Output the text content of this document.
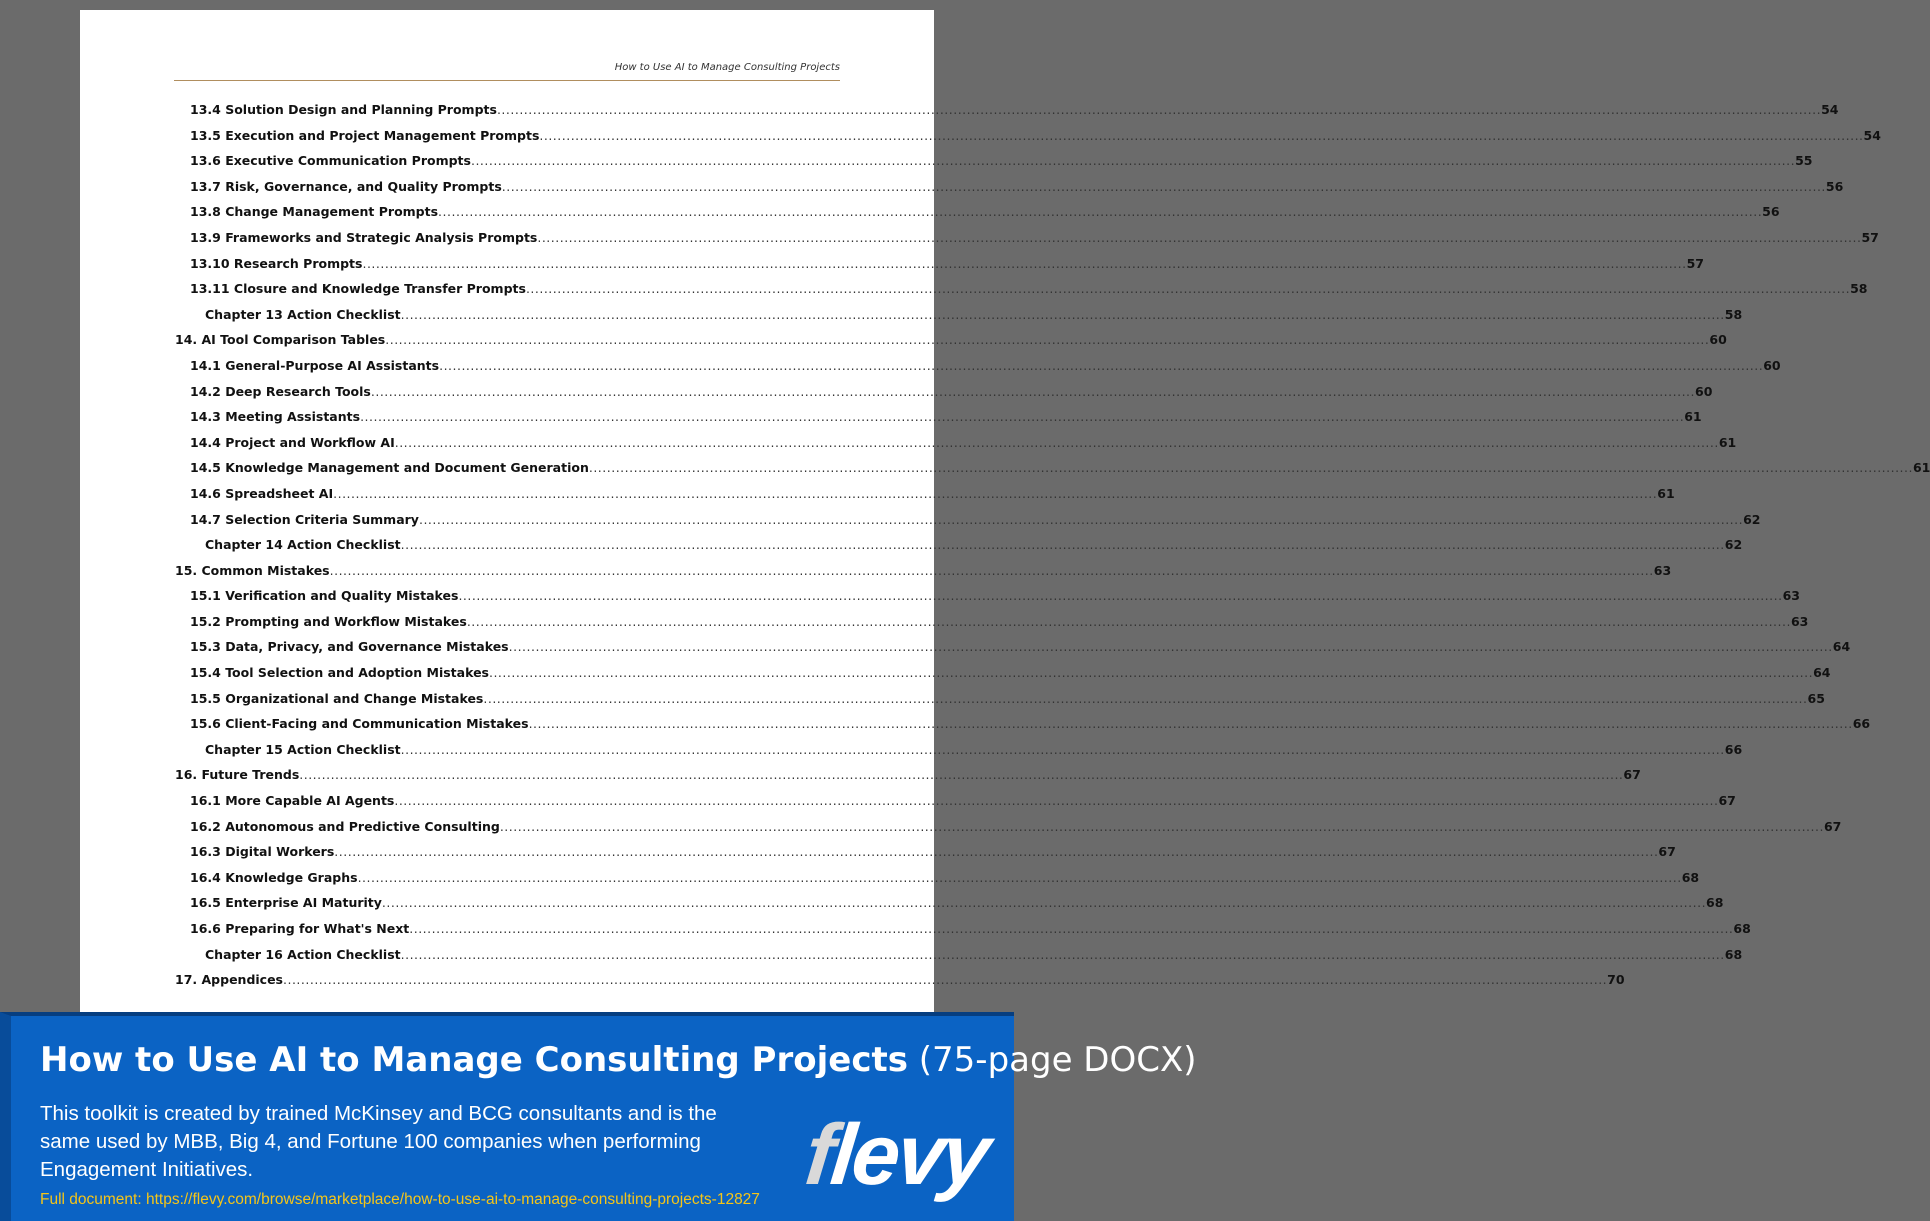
How to Use AI to Manage Consulting Projects
13.4 Solution Design and Planning Prompts .....	54
13.5 Execution and Project Management Prompts .....	54
13.6 Executive Communication Prompts .....	55
13.7 Risk, Governance, and Quality Prompts .....	56
13.8 Change Management Prompts .....	56
13.9 Frameworks and Strategic Analysis Prompts .....	57
13.10 Research Prompts .....	57
13.11 Closure and Knowledge Transfer Prompts .....	58
Chapter 13 Action Checklist .....	58
14. AI Tool Comparison Tables .....	60
14.1 General-Purpose AI Assistants .....	60
14.2 Deep Research Tools .....	60
14.3 Meeting Assistants .....	61
14.4 Project and Workflow AI .....	61
14.5 Knowledge Management and Document Generation .....	61
14.6 Spreadsheet AI .....	61
14.7 Selection Criteria Summary .....	62
Chapter 14 Action Checklist .....	62
15. Common Mistakes .....	63
15.1 Verification and Quality Mistakes .....	63
15.2 Prompting and Workflow Mistakes .....	63
15.3 Data, Privacy, and Governance Mistakes .....	64
15.4 Tool Selection and Adoption Mistakes .....	64
15.5 Organizational and Change Mistakes .....	65
15.6 Client-Facing and Communication Mistakes .....	66
Chapter 15 Action Checklist .....	66
16. Future Trends .....	67
16.1 More Capable AI Agents .....	67
16.2 Autonomous and Predictive Consulting .....	67
16.3 Digital Workers .....	67
16.4 Knowledge Graphs .....	68
16.5 Enterprise AI Maturity .....	68
16.6 Preparing for What's Next .....	68
Chapter 16 Action Checklist .....	68
17. Appendices .....	70
How to Use AI to Manage Consulting Projects (75-page DOCX)
This toolkit is created by trained McKinsey and BCG consultants and is the same used by MBB, Big 4, and Fortune 100 companies when performing Engagement Initiatives.
Full document: https://flevy.com/browse/marketplace/how-to-use-ai-to-manage-consulting-projects-12827 flevy
